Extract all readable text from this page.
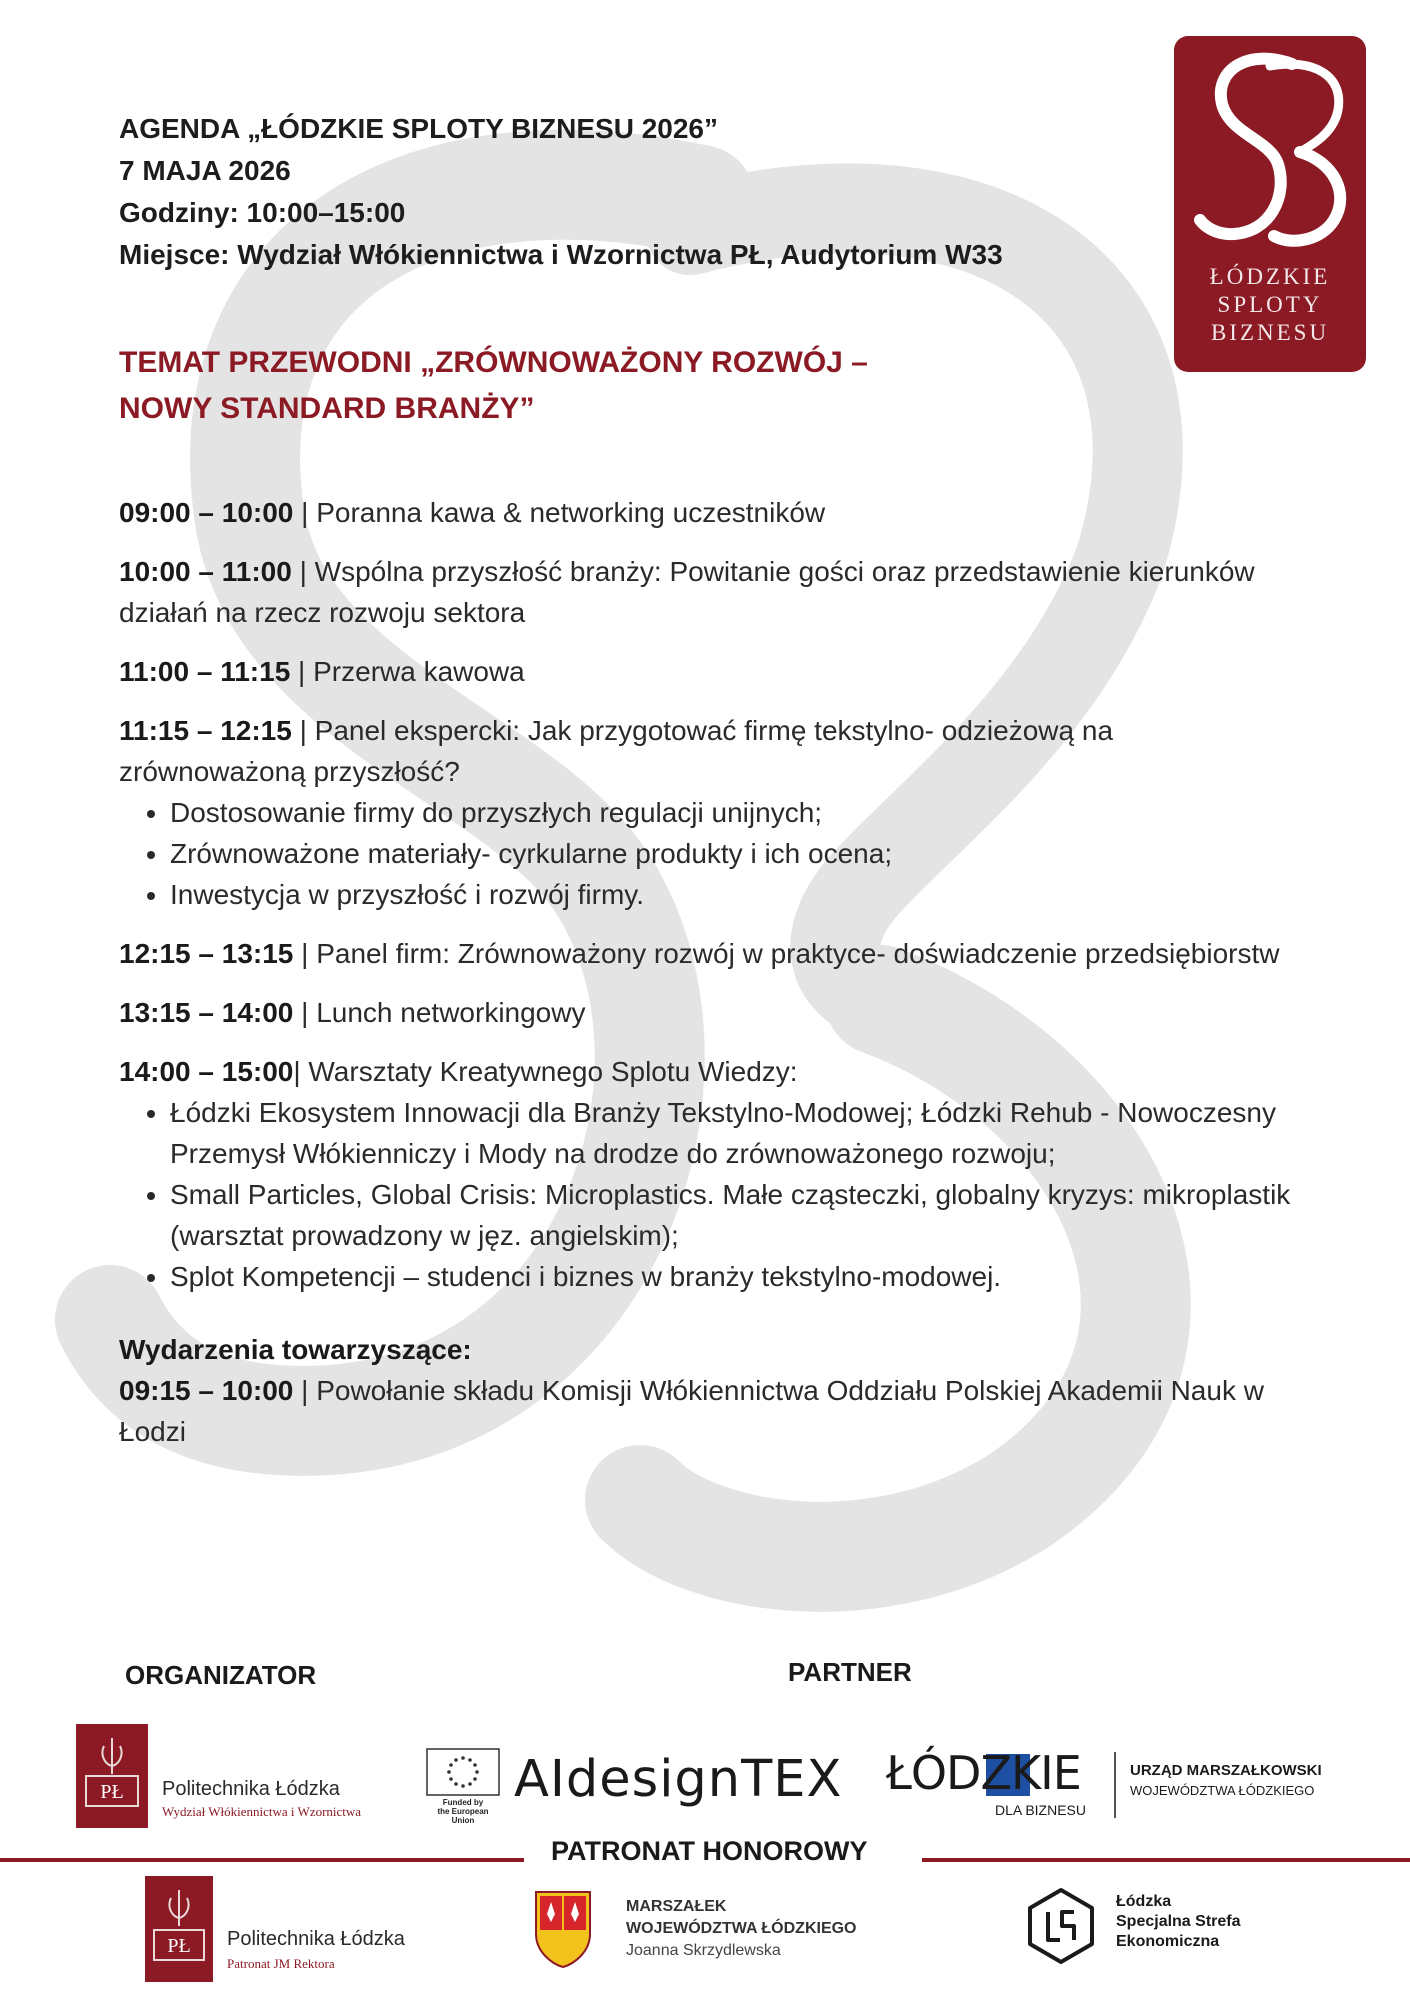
ŁÓDZKIE
SPLOTY
BIZNESU
AGENDA „ŁÓDZKIE SPLOTY BIZNESU 2026”
7 MAJA 2026
Godziny: 10:00–15:00
Miejsce: Wydział Włókiennictwa i Wzornictwa PŁ, Audytorium W33
TEMAT PRZEWODNI „ZRÓWNOWAŻONY ROZWÓJ –
NOWY STANDARD BRANŻY”
09:00 – 10:00 | Poranna kawa & networking uczestników
10:00 – 11:00 | Wspólna przyszłość branży: Powitanie gości oraz przedstawienie kierunków działań na rzecz rozwoju sektora
11:00 – 11:15 | Przerwa kawowa
11:15 – 12:15 | Panel ekspercki: Jak przygotować firmę tekstylno- odzieżową na zrównoważoną przyszłość?
• Dostosowanie firmy do przyszłych regulacji unijnych;
• Zrównoważone materiały- cyrkularne produkty i ich ocena;
• Inwestycja w przyszłość i rozwój firmy.
12:15 – 13:15 | Panel firm: Zrównoważony rozwój w praktyce- doświadczenie przedsiębiorstw
13:15 – 14:00 | Lunch networkingowy
14:00 – 15:00| Warsztaty Kreatywnego Splotu Wiedzy:
• Łódzki Ekosystem Innowacji dla Branży Tekstylno-Modowej; Łódzki Rehub - Nowoczesny Przemysł Włókienniczy i Mody na drodze do zrównoważonego rozwoju;
• Small Particles, Global Crisis: Microplastics. Małe cząsteczki, globalny kryzys: mikroplastik (warsztat prowadzony w jęz. angielskim);
• Splot Kompetencji – studenci i biznes w branży tekstylno-modowej.
Wydarzenia towarzyszące:
09:15 – 10:00 | Powołanie składu Komisji Włókiennictwa Oddziału Polskiej Akademii Nauk w Łodzi
ORGANIZATOR	PARTNER
PŁ Politechnika Łódzka
Wydział Włókiennictwa i Wzornictwa
Funded by
the European Union
AIdesignTEX ŁÓDZKIE
DLA BIZNESU
URZĄD MARSZAŁKOWSKI
WOJEWÓDZTWA ŁÓDZKIEGO
PATRONAT HONOROWY
PŁ Politechnika Łódzka
Patronat JM Rektora
MARSZAŁEK
WOJEWÓDZTWA ŁÓDZKIEGO
Joanna Skrzydlewska
Łódzka
Specjalna Strefa
Ekonomiczna
